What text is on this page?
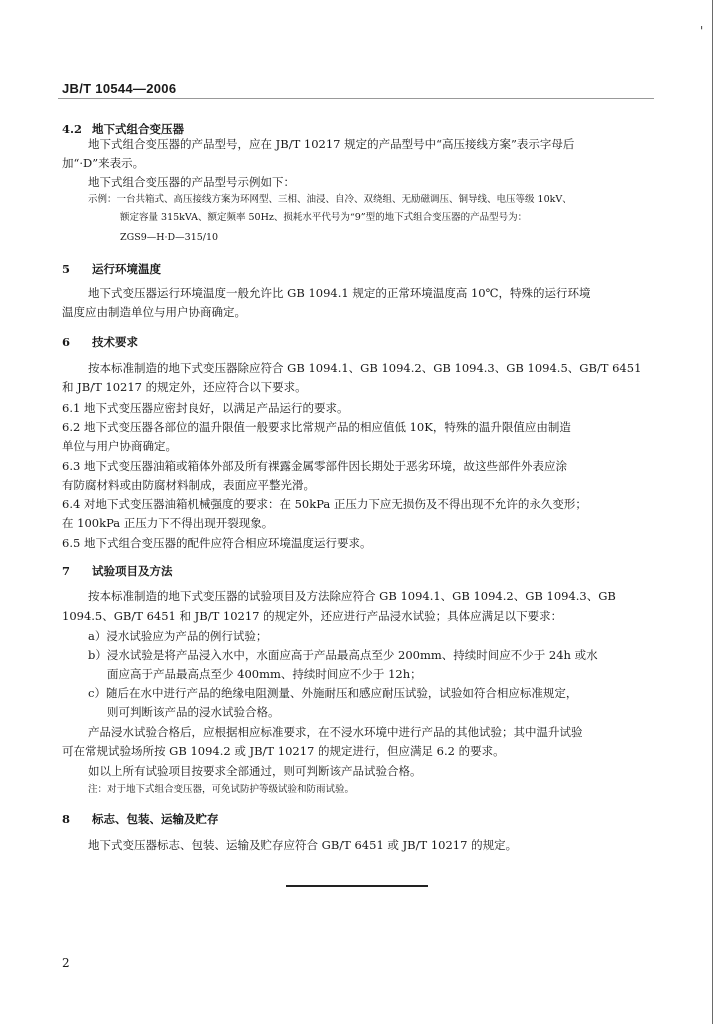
'
JB/T 10544—2006
4.2 地下式组合变压器
地下式组合变压器的产品型号，应在 JB/T 10217 规定的产品型号中“高压接线方案”表示字母后
加“·D”来表示。
地下式组合变压器的产品型号示例如下：
示例：一台共箱式、高压接线方案为环网型、三相、油浸、自冷、双绕组、无励磁调压、铜导线、电压等级 10kV、
额定容量 315kVA、额定频率 50Hz、损耗水平代号为“9”型的地下式组合变压器的产品型号为：
ZGS9—H·D—315/10
5 运行环境温度
地下式变压器运行环境温度一般允许比 GB 1094.1 规定的正常环境温度高 10℃，特殊的运行环境
温度应由制造单位与用户协商确定。
6 技术要求
按本标准制造的地下式变压器除应符合 GB 1094.1、GB 1094.2、GB 1094.3、GB 1094.5、GB/T 6451
和 JB/T 10217 的规定外，还应符合以下要求。
6.1 地下式变压器应密封良好，以满足产品运行的要求。
6.2 地下式变压器各部位的温升限值一般要求比常规产品的相应值低 10K，特殊的温升限值应由制造
单位与用户协商确定。
6.3 地下式变压器油箱或箱体外部及所有裸露金属零部件因长期处于恶劣环境，故这些部件外表应涂
有防腐材料或由防腐材料制成，表面应平整光滑。
6.4 对地下式变压器油箱机械强度的要求：在 50kPa 正压力下应无损伤及不得出现不允许的永久变形；
在 100kPa 正压力下不得出现开裂现象。
6.5 地下式组合变压器的配件应符合相应环境温度运行要求。
7 试验项目及方法
按本标准制造的地下式变压器的试验项目及方法除应符合 GB 1094.1、GB 1094.2、GB 1094.3、GB
1094.5、GB/T 6451 和 JB/T 10217 的规定外，还应进行产品浸水试验；具体应满足以下要求：
a）浸水试验应为产品的例行试验；
b）浸水试验是将产品浸入水中，水面应高于产品最高点至少 200mm、持续时间应不少于 24h 或水
面应高于产品最高点至少 400mm、持续时间应不少于 12h；
c）随后在水中进行产品的绝缘电阻测量、外施耐压和感应耐压试验，试验如符合相应标准规定，
则可判断该产品的浸水试验合格。
产品浸水试验合格后，应根据相应标准要求，在不浸水环境中进行产品的其他试验；其中温升试验
可在常规试验场所按 GB 1094.2 或 JB/T 10217 的规定进行，但应满足 6.2 的要求。
如以上所有试验项目按要求全部通过，则可判断该产品试验合格。
注：对于地下式组合变压器，可免试防护等级试验和防雨试验。
8 标志、包装、运输及贮存
地下式变压器标志、包装、运输及贮存应符合 GB/T 6451 或 JB/T 10217 的规定。
2
